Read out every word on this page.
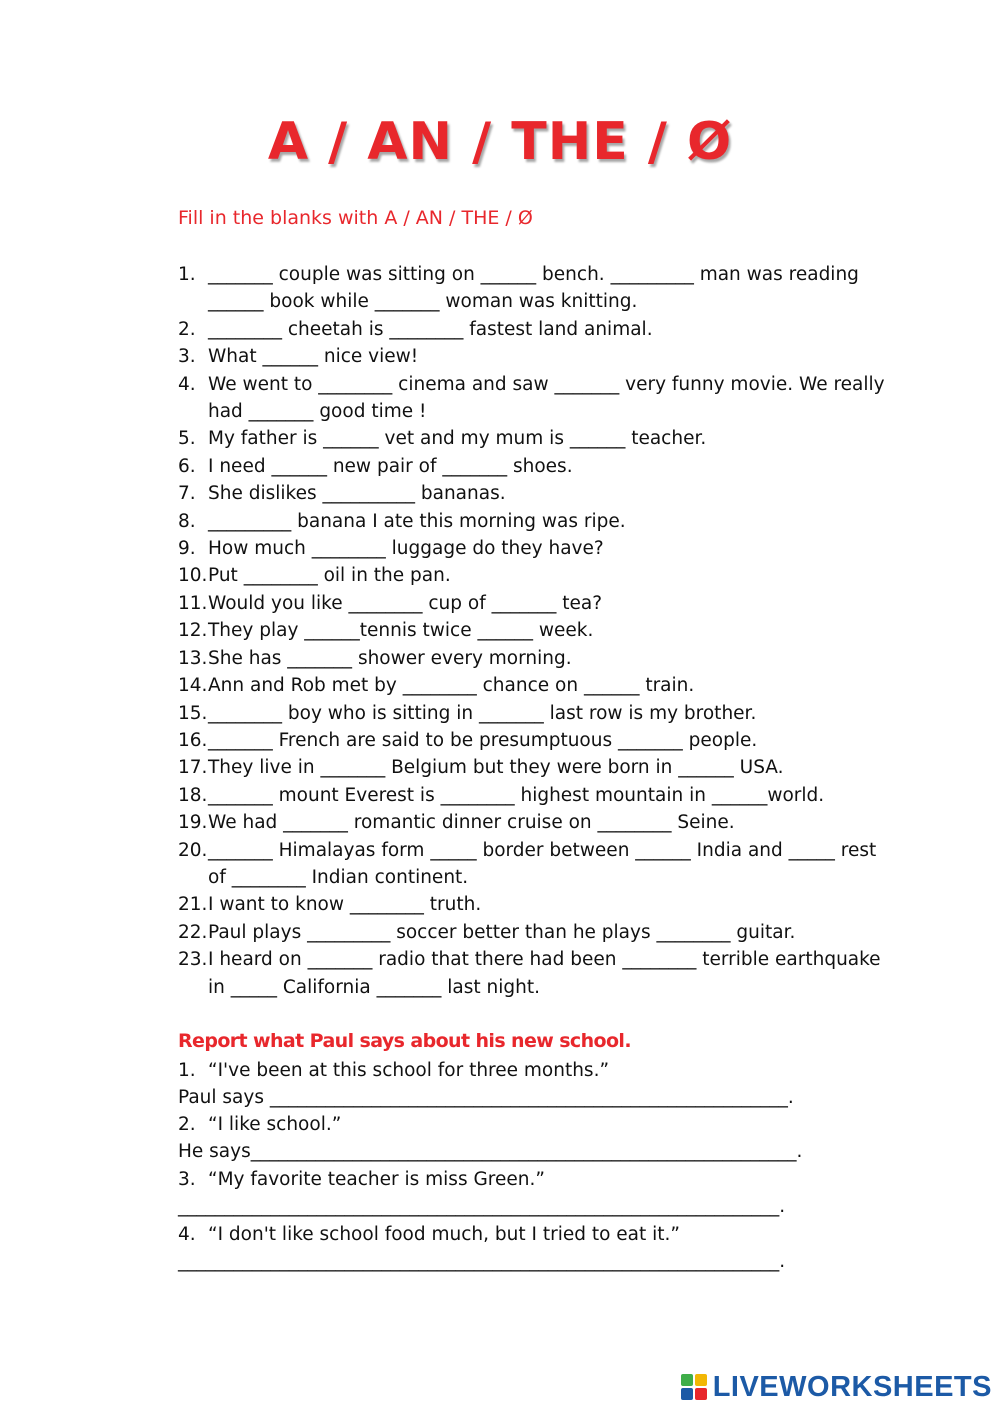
A / AN / THE / Ø
Fill in the blanks with A / AN / THE / Ø
1. _______ couple was sitting on ______ bench. _________ man was reading ______ book while _______ woman was knitting.
2. ________ cheetah is ________ fastest land animal.
3. What ______ nice view!
4. We went to ________ cinema and saw _______ very funny movie. We really had _______ good time !
5. My father is ______ vet and my mum is ______ teacher.
6. I need ______ new pair of _______ shoes.
7. She dislikes __________ bananas.
8. _________ banana I ate this morning was ripe.
9. How much ________ luggage do they have?
10. Put ________ oil in the pan.
11. Would you like ________ cup of _______ tea?
12. They play ______tennis twice ______ week.
13. She has _______ shower every morning.
14. Ann and Rob met by ________ chance on ______ train.
15. ________ boy who is sitting in _______ last row is my brother.
16. _______ French are said to be presumptuous _______ people.
17. They live in _______ Belgium but they were born in ______ USA.
18. _______ mount Everest is ________ highest mountain in ______world.
19. We had _______ romantic dinner cruise on ________ Seine.
20. _______ Himalayas form _____ border between ______ India and _____ rest of ________ Indian continent.
21. I want to know ________ truth.
22. Paul plays _________ soccer better than he plays ________ guitar.
23. I heard on _______ radio that there had been ________ terrible earthquake in _____ California _______ last night.
Report what Paul says about his new school.
1. “I've been at this school for three months.”
Paul says ________________________________________________________.
2. “I like school.”
He says___________________________________________________________.
3. “My favorite teacher is miss Green.”
_________________________________________________________________.
4. “I don't like school food much, but I tried to eat it.”
_________________________________________________________________.
LIVEWORKSHEETS
